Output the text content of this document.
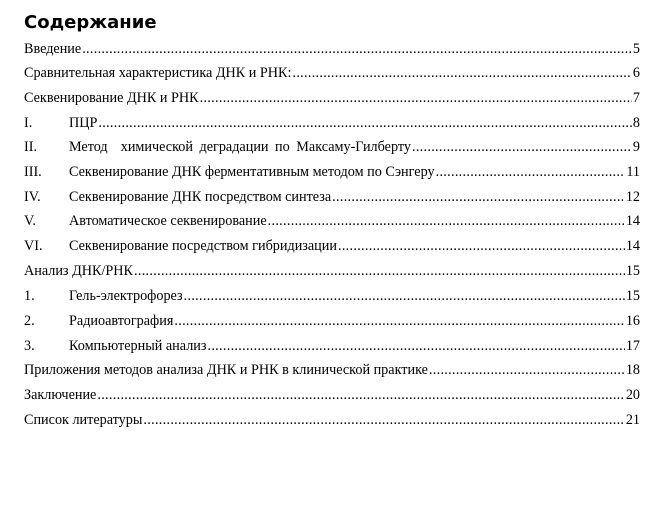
Содержание
Введение .....	5
Сравнительная характеристика ДНК и РНК: .....	6
Секвенирование ДНК и РНК .....	7
I.	ПЦР .....	8
II.	Метод  химической деградации по Максаму-Гилберту .....	9
III.	Секвенирование ДНК ферментативным методом по Сэнгеру .....	11
IV.	Секвенирование ДНК посредством синтеза .....	12
V.	Автоматическое секвенирование .....	14
VI.	Секвенирование посредством гибридизации .....	14
Анализ ДНК/РНК .....	15
1.	Гель-электрофорез .....	15
2.	Радиоавтография .....	16
3.	Компьютерный анализ .....	17
Приложения методов анализа ДНК и РНК в клинической практике .....	18
Заключение .....	20
Список литературы .....	21
